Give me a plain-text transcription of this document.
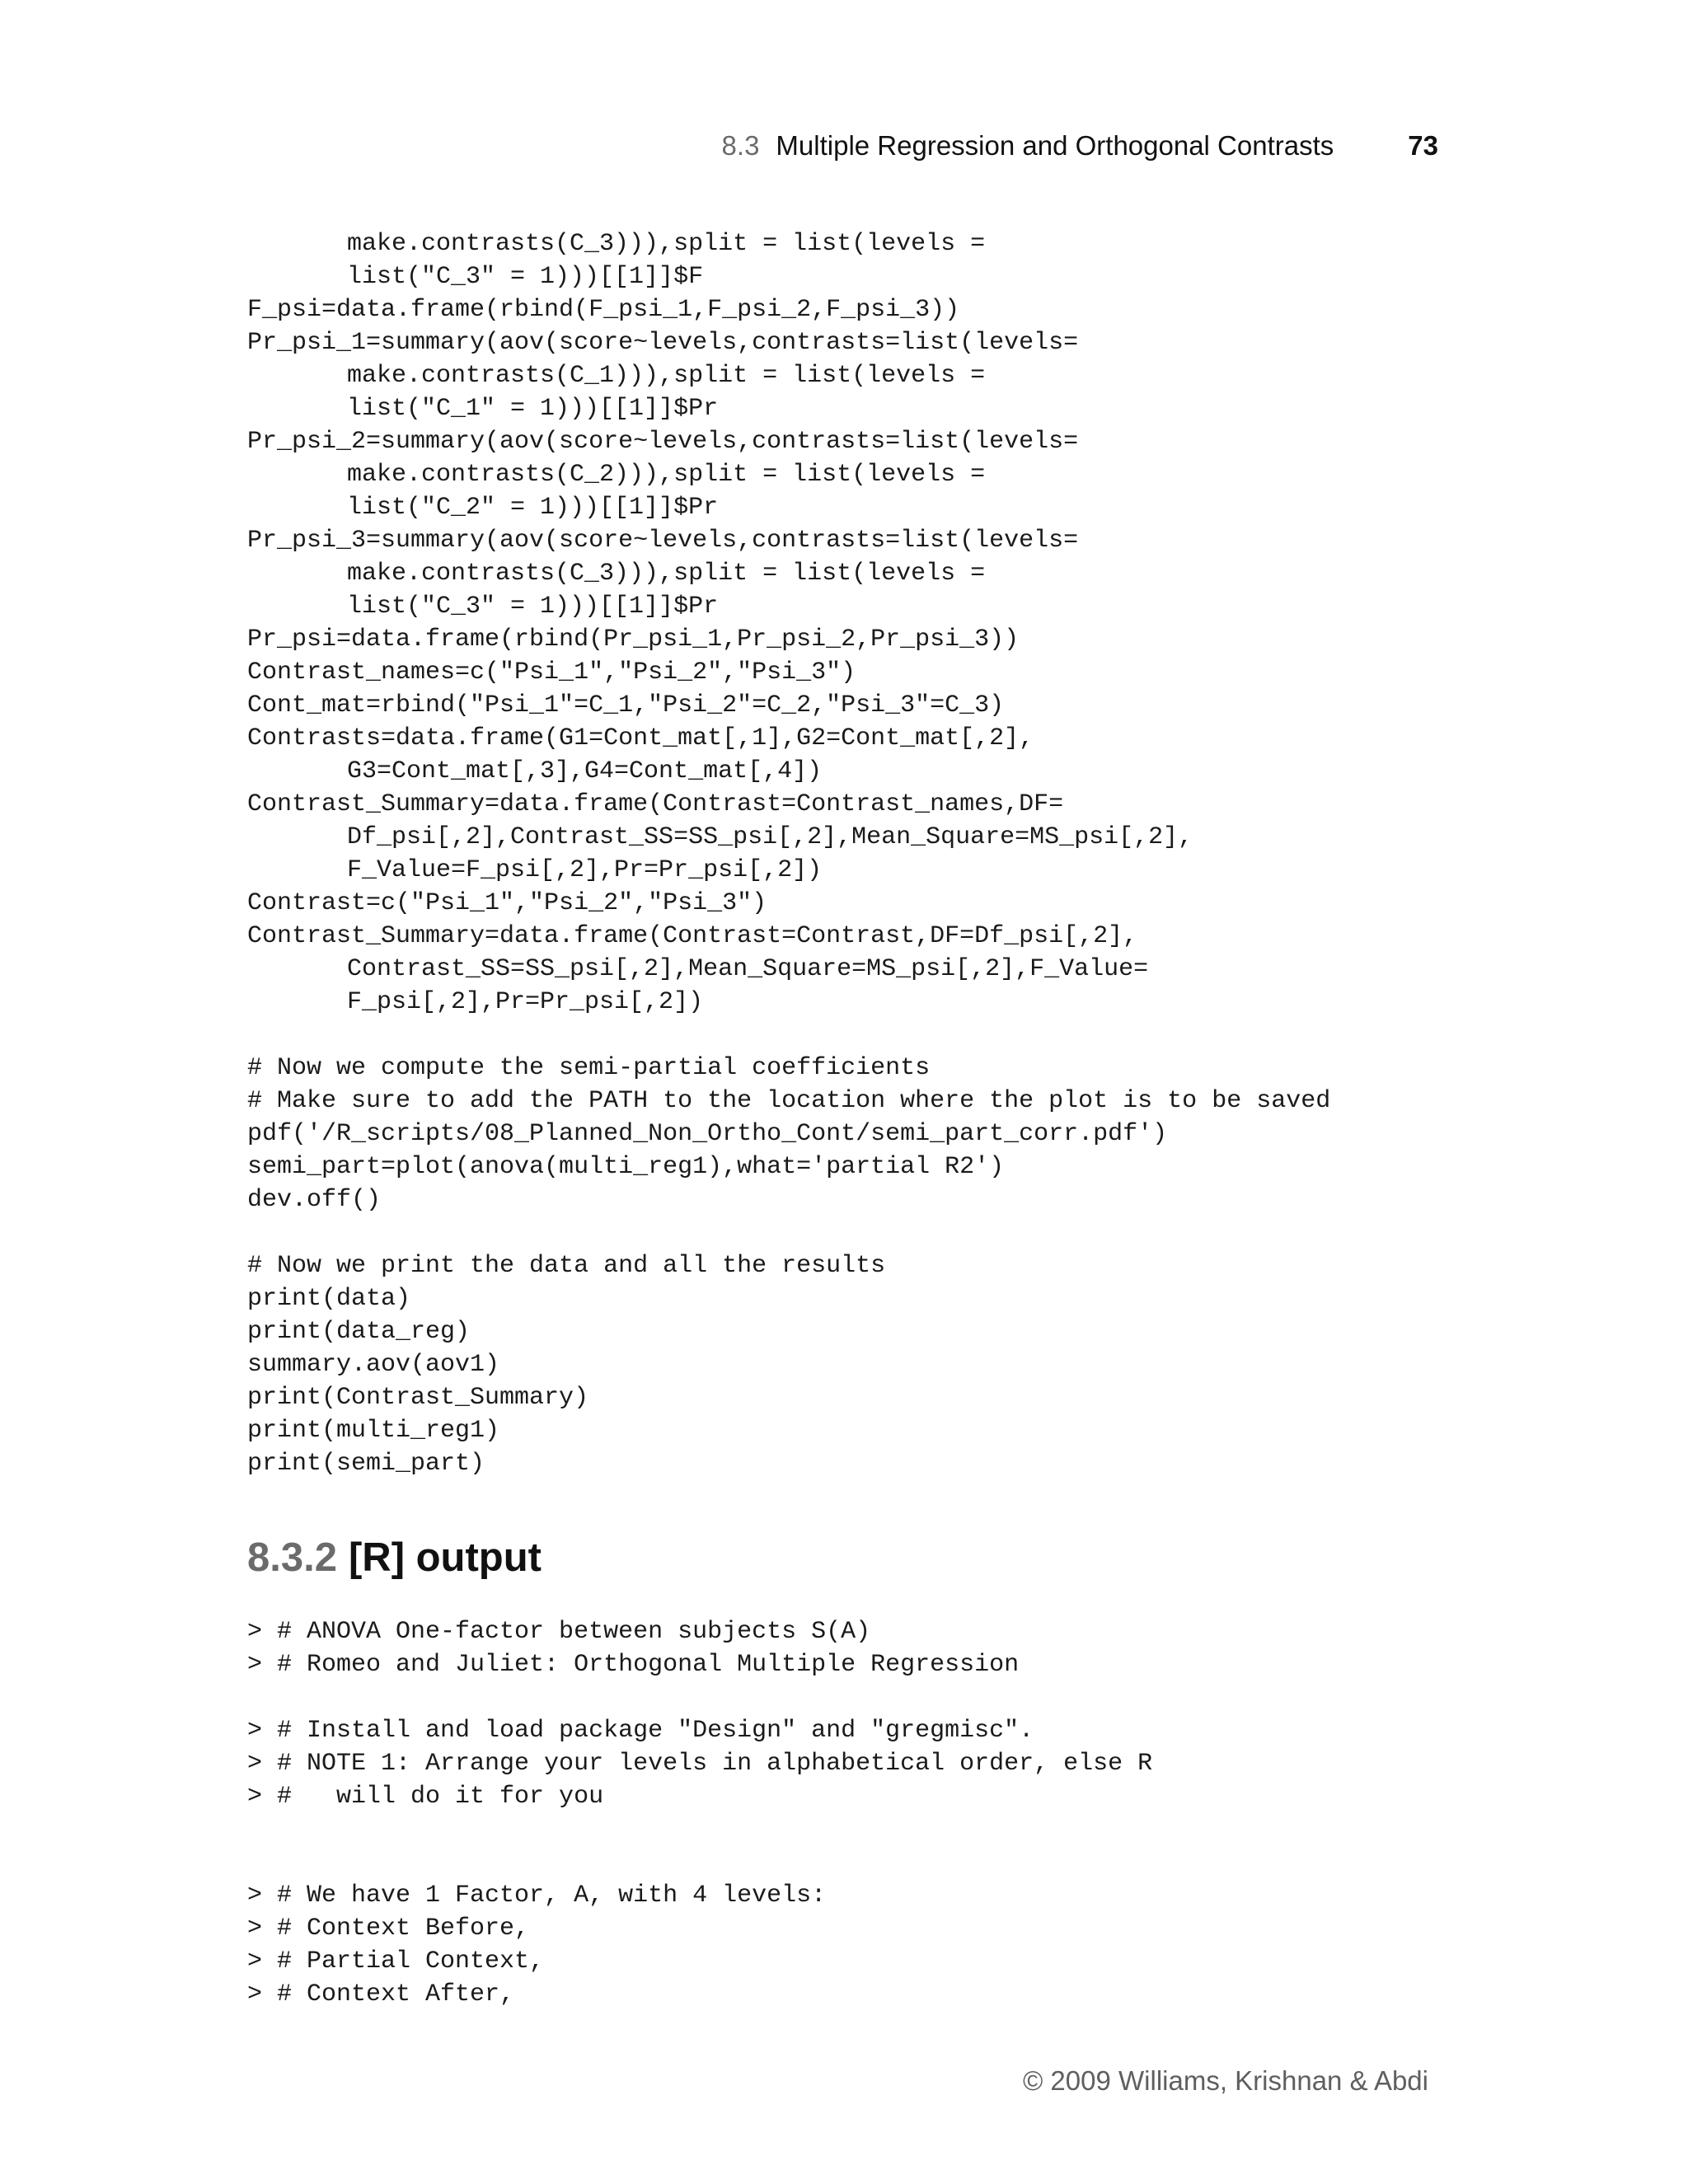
8.3 Multiple Regression and Orthogonal Contrasts	73
make.contrasts(C_3))),split = list(levels =
list("C_3" = 1)))[[1]]$F
F_psi=data.frame(rbind(F_psi_1,F_psi_2,F_psi_3))
Pr_psi_1=summary(aov(score~levels,contrasts=list(levels=
make.contrasts(C_1))),split = list(levels =
list("C_1" = 1)))[[1]]$Pr
Pr_psi_2=summary(aov(score~levels,contrasts=list(levels=
make.contrasts(C_2))),split = list(levels =
list("C_2" = 1)))[[1]]$Pr
Pr_psi_3=summary(aov(score~levels,contrasts=list(levels=
make.contrasts(C_3))),split = list(levels =
list("C_3" = 1)))[[1]]$Pr
Pr_psi=data.frame(rbind(Pr_psi_1,Pr_psi_2,Pr_psi_3))
Contrast_names=c("Psi_1","Psi_2","Psi_3")
Cont_mat=rbind("Psi_1"=C_1,"Psi_2"=C_2,"Psi_3"=C_3)
Contrasts=data.frame(G1=Cont_mat[,1],G2=Cont_mat[,2],
G3=Cont_mat[,3],G4=Cont_mat[,4])
Contrast_Summary=data.frame(Contrast=Contrast_names,DF=
Df_psi[,2],Contrast_SS=SS_psi[,2],Mean_Square=MS_psi[,2],
F_Value=F_psi[,2],Pr=Pr_psi[,2])
Contrast=c("Psi_1","Psi_2","Psi_3")
Contrast_Summary=data.frame(Contrast=Contrast,DF=Df_psi[,2],
Contrast_SS=SS_psi[,2],Mean_Square=MS_psi[,2],F_Value=
F_psi[,2],Pr=Pr_psi[,2])
# Now we compute the semi-partial coefficients
# Make sure to add the PATH to the location where the plot is to be saved
pdf('/R_scripts/08_Planned_Non_Ortho_Cont/semi_part_corr.pdf')
semi_part=plot(anova(multi_reg1),what='partial R2')
dev.off()
# Now we print the data and all the results
print(data)
print(data_reg)
summary.aov(aov1)
print(Contrast_Summary)
print(multi_reg1)
print(semi_part)
8.3.2 [R] output
> # ANOVA One-factor between subjects S(A)
> # Romeo and Juliet: Orthogonal Multiple Regression
> # Install and load package "Design" and "gregmisc".
> # NOTE 1: Arrange your levels in alphabetical order, else R
> #   will do it for you
> # We have 1 Factor, A, with 4 levels:
> # Context Before,
> # Partial Context,
> # Context After,
© 2009 Williams, Krishnan & Abdi
